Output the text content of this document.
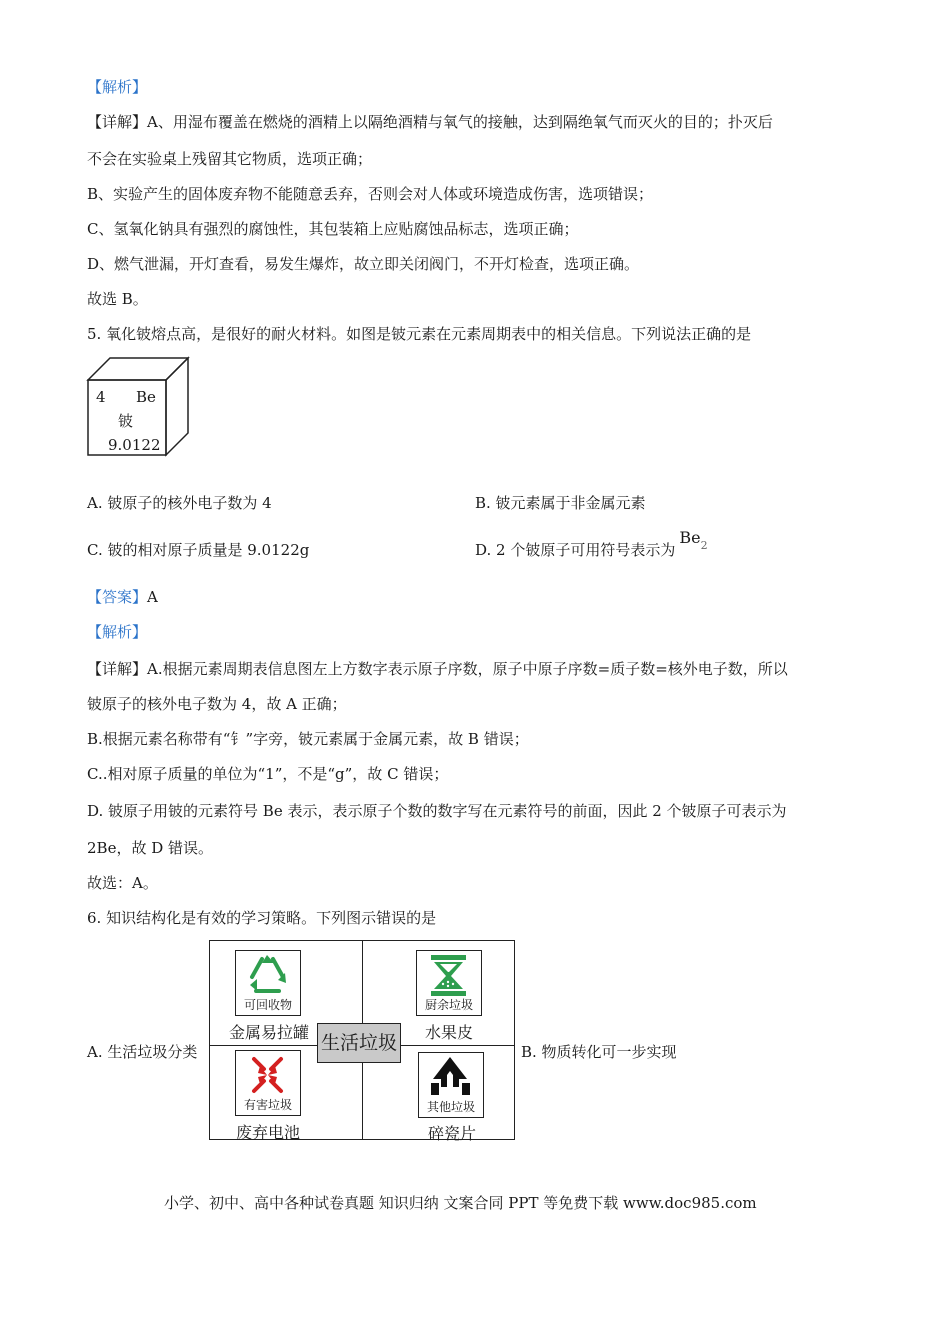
【解析】
【详解】A、用湿布覆盖在燃烧的酒精上以隔绝酒精与氧气的接触，达到隔绝氧气而灭火的目的；扑灭后
不会在实验桌上残留其它物质，选项正确；
B、实验产生的固体废弃物不能随意丢弃，否则会对人体或环境造成伤害，选项错误；
C、氢氧化钠具有强烈的腐蚀性，其包装箱上应贴腐蚀品标志，选项正确；
D、燃气泄漏，开灯查看，易发生爆炸，故立即关闭阀门，不开灯检查，选项正确。
故选 B。
5. 氧化铍熔点高，是很好的耐火材料。如图是铍元素在元素周期表中的相关信息。下列说法正确的是
4 Be
铍
9.0122
A. 铍原子的核外电子数为 4	B. 铍元素属于非金属元素
C. 铍的相对原子质量是 9.0122g	D. 2 个铍原子可用符号表示为$Be_2$
【答案】A
【解析】
【详解】A.根据元素周期表信息图左上方数字表示原子序数，原子中原子序数=质子数=核外电子数，所以
铍原子的核外电子数为 4，故 A 正确；
B.根据元素名称带有“钅”字旁，铍元素属于金属元素，故 B 错误；
C..相对原子质量的单位为“1”，不是“g”，故 C 错误；
D. 铍原子用铍的元素符号 Be 表示，表示原子个数的数字写在元素符号的前面，因此 2 个铍原子可表示为
2Be，故 D 错误。
故选：A。
6. 知识结构化是有效的学习策略。下列图示错误的是
A. 生活垃圾分类	B. 物质转化可一步实现
可回收物
金属易拉罐
厨余垃圾
水果皮
有害垃圾
废弃电池
其他垃圾
碎瓷片
生活垃圾
小学、初中、高中各种试卷真题 知识归纳 文案合同 PPT 等免费下载 www.doc985.com
